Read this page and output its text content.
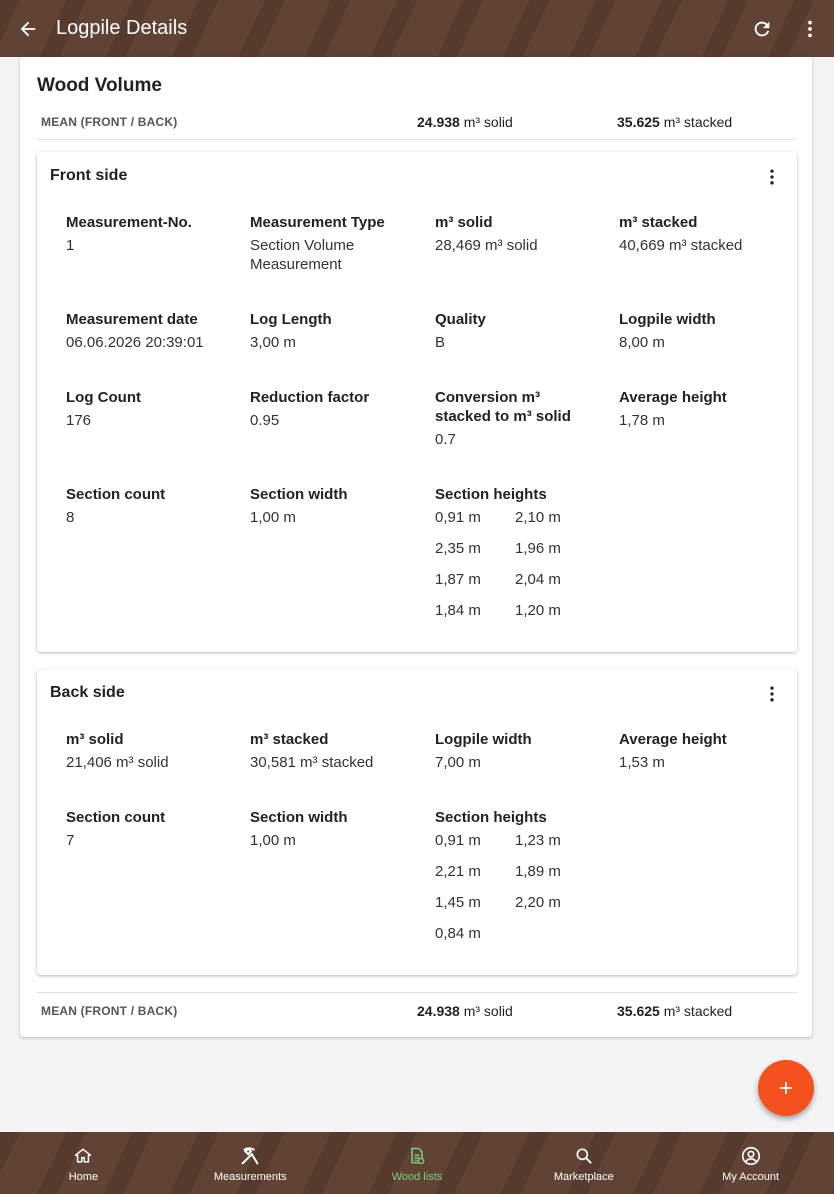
Logpile Details
Wood Volume
MEAN (FRONT / BACK)	24.938 m³ solid	35.625 m³ stacked
Front side
Measurement-No.
1
Measurement Type
Section Volume Measurement
m³ solid
28,469 m³ solid
m³ stacked
40,669 m³ stacked
Measurement date
06.06.2026 20:39:01
Log Length
3,00 m
Quality
B
Logpile width
8,00 m
Log Count
176
Reduction factor
0.95
Conversion m³ stacked to m³ solid
0.7
Average height
1,78 m
Section count
8
Section width
1,00 m
Section heights
0,91 m	2,10 m
2,35 m	1,96 m
1,87 m	2,04 m
1,84 m	1,20 m
Back side
m³ solid
21,406 m³ solid
m³ stacked
30,581 m³ stacked
Logpile width
7,00 m
Average height
1,53 m
Section count
7
Section width
1,00 m
Section heights
0,91 m	1,23 m
2,21 m	1,89 m
1,45 m	2,20 m
0,84 m
MEAN (FRONT / BACK)	24.938 m³ solid	35.625 m³ stacked
Home	Measurements	Wood lists	Marketplace	My Account
